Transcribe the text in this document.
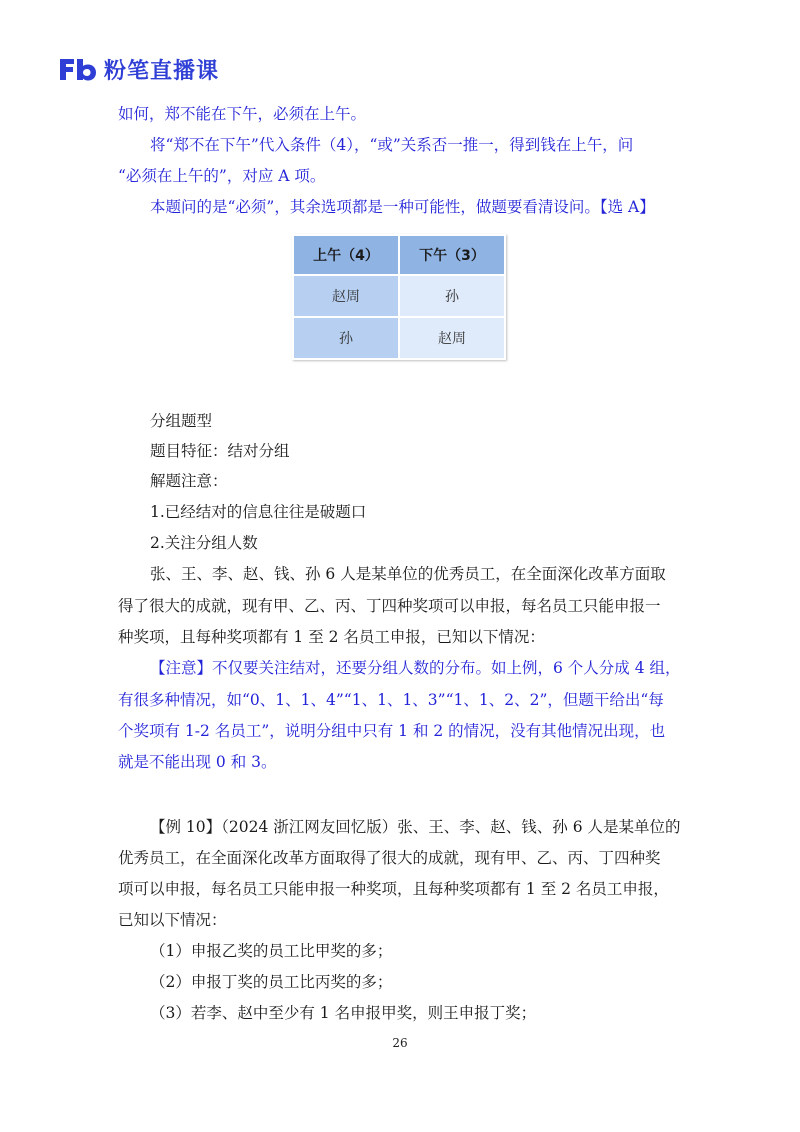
粉笔直播课
如何，郑不能在下午，必须在上午。
将“郑不在下午”代入条件（4），“或”关系否一推一，得到钱在上午，问
“必须在上午的”，对应 A 项。
本题问的是“必须”，其余选项都是一种可能性，做题要看清设问。【选 A】
分组题型
题目特征：结对分组
解题注意：
1.已经结对的信息往往是破题口
2.关注分组人数
张、王、李、赵、钱、孙 6 人是某单位的优秀员工，在全面深化改革方面取
得了很大的成就，现有甲、乙、丙、丁四种奖项可以申报，每名员工只能申报一
种奖项，且每种奖项都有 1 至 2 名员工申报，已知以下情况：
【注意】不仅要关注结对，还要分组人数的分布。如上例，6 个人分成 4 组，
有很多种情况，如“0、1、1、4”“1、1、1、3”“1、1、2、2”，但题干给出“每
个奖项有 1-2 名员工”，说明分组中只有 1 和 2 的情况，没有其他情况出现，也
就是不能出现 0 和 3。
【例 10】（2024 浙江网友回忆版）张、王、李、赵、钱、孙 6 人是某单位的
优秀员工，在全面深化改革方面取得了很大的成就，现有甲、乙、丙、丁四种奖
项可以申报，每名员工只能申报一种奖项，且每种奖项都有 1 至 2 名员工申报，
已知以下情况：
（1）申报乙奖的员工比甲奖的多；
（2）申报丁奖的员工比丙奖的多；
（3）若李、赵中至少有 1 名申报甲奖，则王申报丁奖；
上午（4）	下午（3）
赵周	孙
孙	赵周
26
